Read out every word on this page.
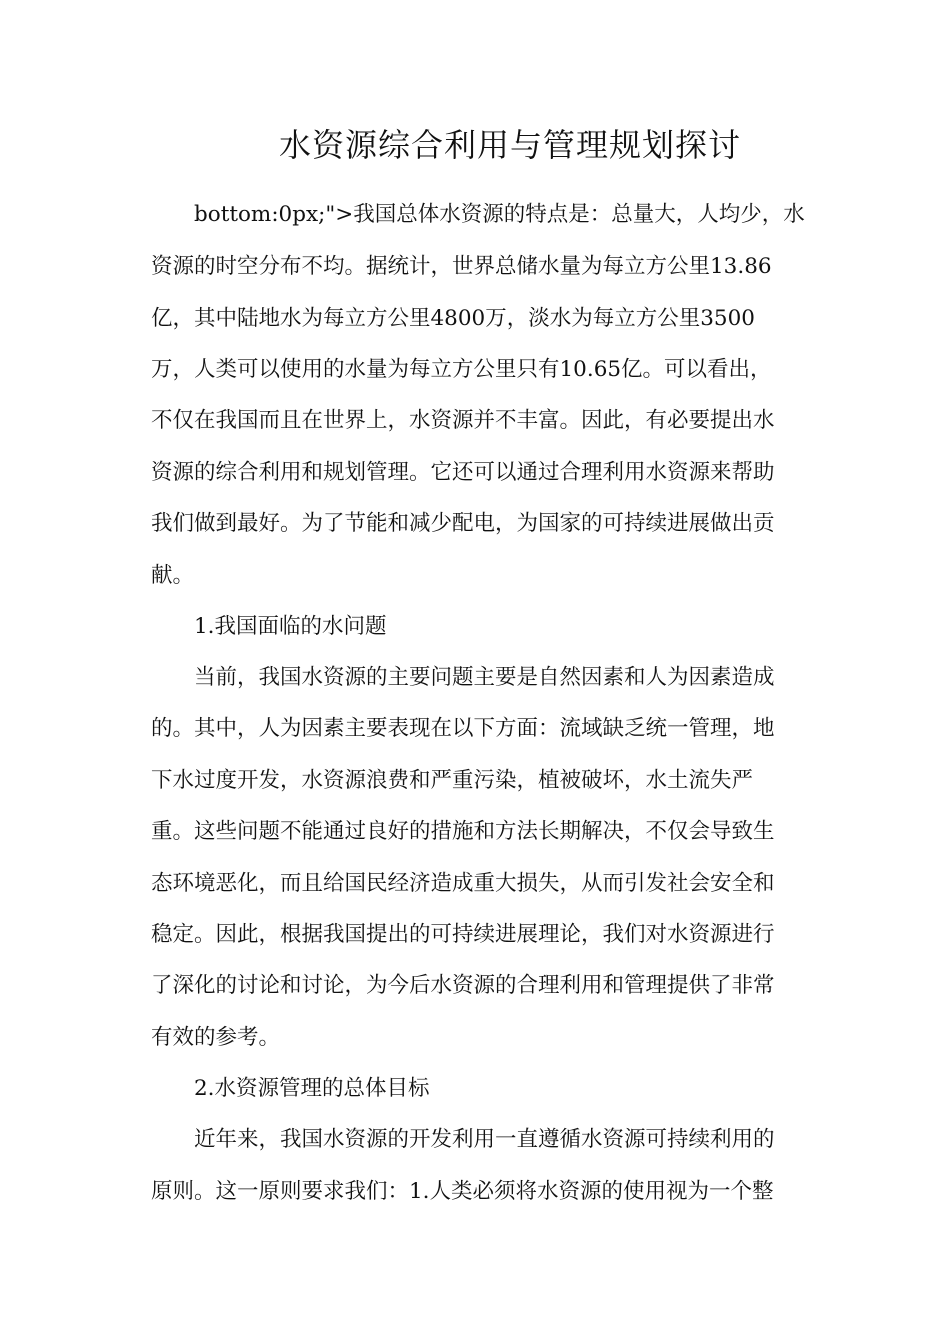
水资源综合利用与管理规划探讨
bottom:0px;">我国总体水资源的特点是：总量大，人均少，水
资源的时空分布不均。据统计，世界总储水量为每立方公里13.86
亿，其中陆地水为每立方公里4800万，淡水为每立方公里3500
万，人类可以使用的水量为每立方公里只有10.65亿。可以看出，
不仅在我国而且在世界上，水资源并不丰富。因此，有必要提出水
资源的综合利用和规划管理。它还可以通过合理利用水资源来帮助
我们做到最好。为了节能和减少配电，为国家的可持续进展做出贡
献。
1.我国面临的水问题
当前，我国水资源的主要问题主要是自然因素和人为因素造成
的。其中，人为因素主要表现在以下方面：流域缺乏统一管理，地
下水过度开发，水资源浪费和严重污染，植被破坏，水土流失严
重。这些问题不能通过良好的措施和方法长期解决，不仅会导致生
态环境恶化，而且给国民经济造成重大损失，从而引发社会安全和
稳定。因此，根据我国提出的可持续进展理论，我们对水资源进行
了深化的讨论和讨论，为今后水资源的合理利用和管理提供了非常
有效的参考。
2.水资源管理的总体目标
近年来，我国水资源的开发利用一直遵循水资源可持续利用的
原则。这一原则要求我们：1.人类必须将水资源的使用视为一个整
